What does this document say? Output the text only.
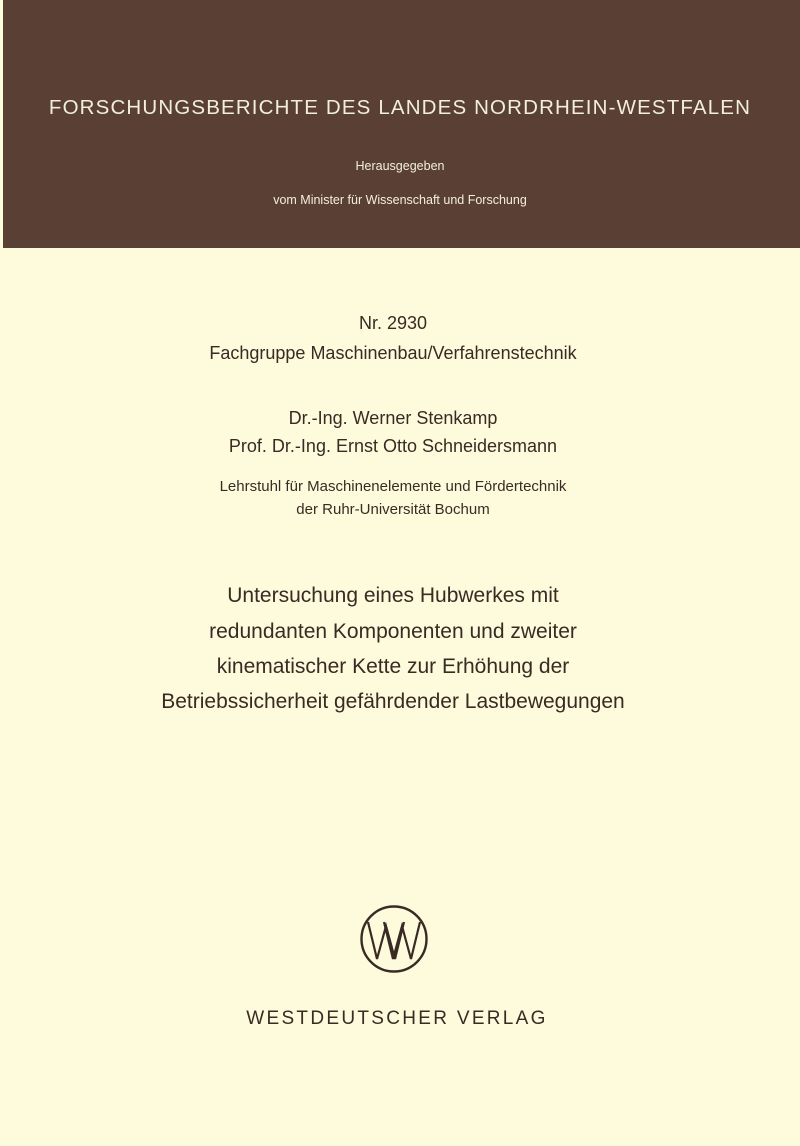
FORSCHUNGSBERICHTE DES LANDES NORDRHEIN-WESTFALEN
Herausgegeben
vom Minister für Wissenschaft und Forschung
Nr. 2930
Fachgruppe Maschinenbau/Verfahrenstechnik
Dr.-Ing. Werner Stenkamp
Prof. Dr.-Ing. Ernst Otto Schneidersmann
Lehrstuhl für Maschinenelemente und Fördertechnik
der Ruhr-Universität Bochum
Untersuchung eines Hubwerkes mit
redundanten Komponenten und zweiter
kinematischer Kette zur Erhöhung der
Betriebssicherheit gefährdender Lastbewegungen
WESTDEUTSCHER VERLAG
